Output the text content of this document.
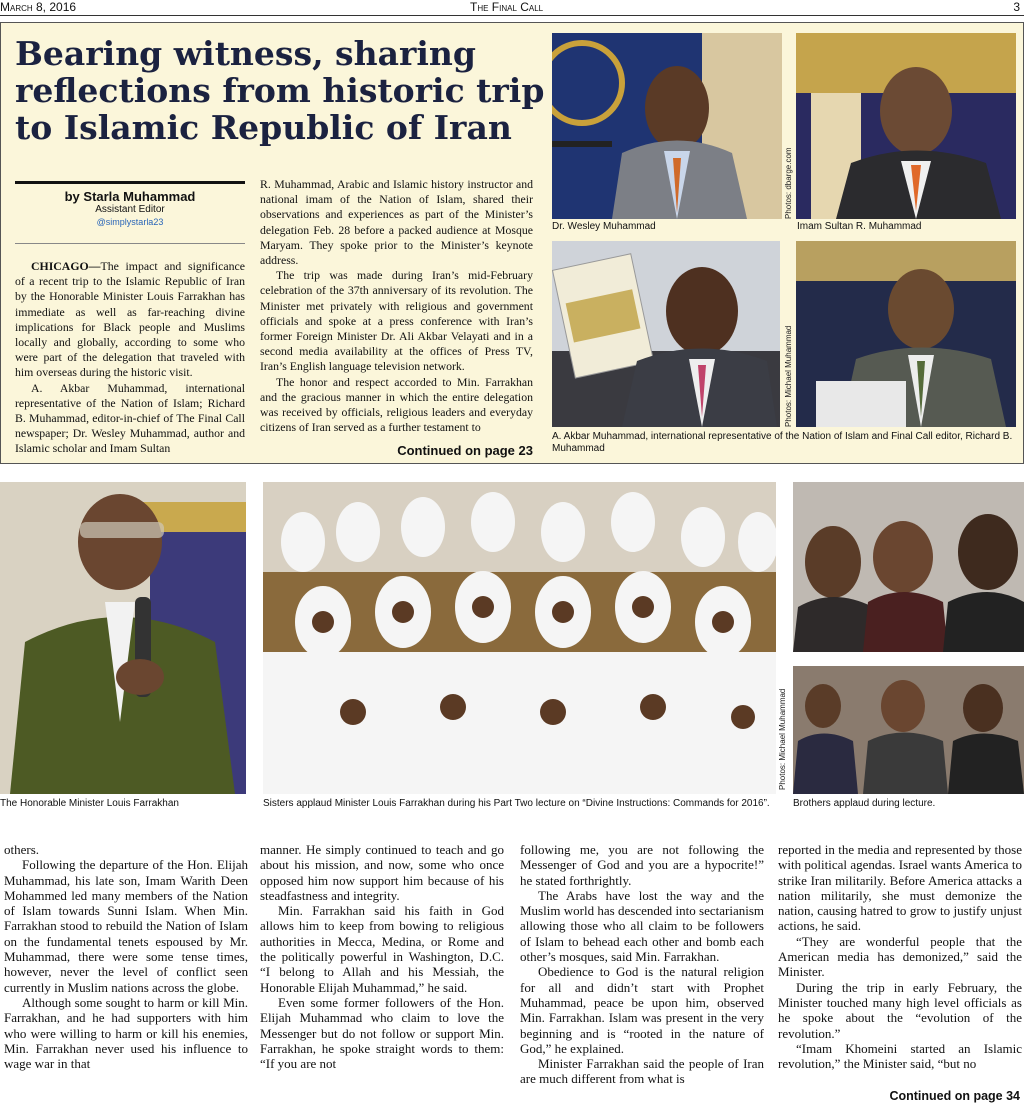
March 8, 2016	The Final Call	3
Bearing witness, sharing reflections from historic trip to Islamic Republic of Iran
by Starla Muhammad
Assistant Editor
@simplystarla23

CHICAGO—The impact and significance of a recent trip to the Islamic Republic of Iran by the Honorable Minister Louis Farrakhan has immediate as well as far-reaching divine implications for Black people and Muslims locally and globally, according to some who were part of the delegation that traveled with him overseas during the historic visit.

A. Akbar Muhammad, international representative of the Nation of Islam; Richard B. Muhammad, editor-in-chief of The Final Call newspaper; Dr. Wesley Muhammad, author and Islamic scholar and Imam Sultan

R. Muhammad, Arabic and Islamic history instructor and national imam of the Nation of Islam, shared their observations and experiences as part of the Minister’s delegation Feb. 28 before a packed audience at Mosque Maryam. They spoke prior to the Minister’s keynote address.

The trip was made during Iran’s mid-February celebration of the 37th anniversary of its revolution. The Minister met privately with religious and government officials and spoke at a press conference with Iran’s former Foreign Minister Dr. Ali Akbar Velayati and in a second media availability at the offices of Press TV, Iran’s English language television network.

The honor and respect accorded to Min. Farrakhan and the gracious manner in which the entire delegation was received by officials, religious leaders and everyday citizens of Iran served as a further testament to

Continued on page 23
Dr. Wesley Muhammad
Photos: dbarge.com
Imam Sultan R. Muhammad
Photos: Michael Muhammad
A. Akbar Muhammad, international representative of the Nation of Islam and Final Call editor, Richard B. Muhammad
The Honorable Minister Louis Farrakhan	Sisters applaud Minister Louis Farrakhan during his Part Two lecture on “Divine Instructions: Commands for 2016”.
Photos: Michael Muhammad
Brothers applaud during lecture.

others.

Following the departure of the Hon. Elijah Muhammad, his late son, Imam Warith Deen Mohammed led many members of the Nation of Islam towards Sunni Islam. When Min. Farrakhan stood to rebuild the Nation of Islam on the fundamental tenets espoused by Mr. Muhammad, there were some tense times, however, never the level of conflict seen currently in Muslim nations across the globe.

Although some sought to harm or kill Min. Farrakhan, and he had supporters with him who were willing to harm or kill his enemies, Min. Farrakhan never used his influence to wage war in that

manner. He simply continued to teach and go about his mission, and now, some who once opposed him now support him because of his steadfastness and integrity.

Min. Farrakhan said his faith in God allows him to keep from bowing to religious authorities in Mecca, Medina, or Rome and the politically powerful in Washington, D.C. “I belong to Allah and his Messiah, the Honorable Elijah Muhammad,” he said.

Even some former followers of the Hon. Elijah Muhammad who claim to love the Messenger but do not follow or support Min. Farrakhan, he spoke straight words to them: “If you are not

following me, you are not following the Messenger of God and you are a hypocrite!” he stated forthrightly.

The Arabs have lost the way and the Muslim world has descended into sectarianism allowing those who all claim to be followers of Islam to behead each other and bomb each other’s mosques, said Min. Farrakhan.

Obedience to God is the natural religion for all and didn’t start with Prophet Muhammad, peace be upon him, observed Min. Farrakhan. Islam was present in the very beginning and is “rooted in the nature of God,” he explained.

Minister Farrakhan said the people of Iran are much different from what is

reported in the media and represented by those with political agendas. Israel wants America to strike Iran militarily. Before America attacks a nation militarily, she must demonize the nation, causing hatred to grow to justify unjust actions, he said.

“They are wonderful people that the American media has demonized,” said the Minister.

During the trip in early February, the Minister touched many high level officials as he spoke about the “evolution of the revolution.”

“Imam Khomeini started an Islamic revolution,” the Minister said, “but no

Continued on page 34
